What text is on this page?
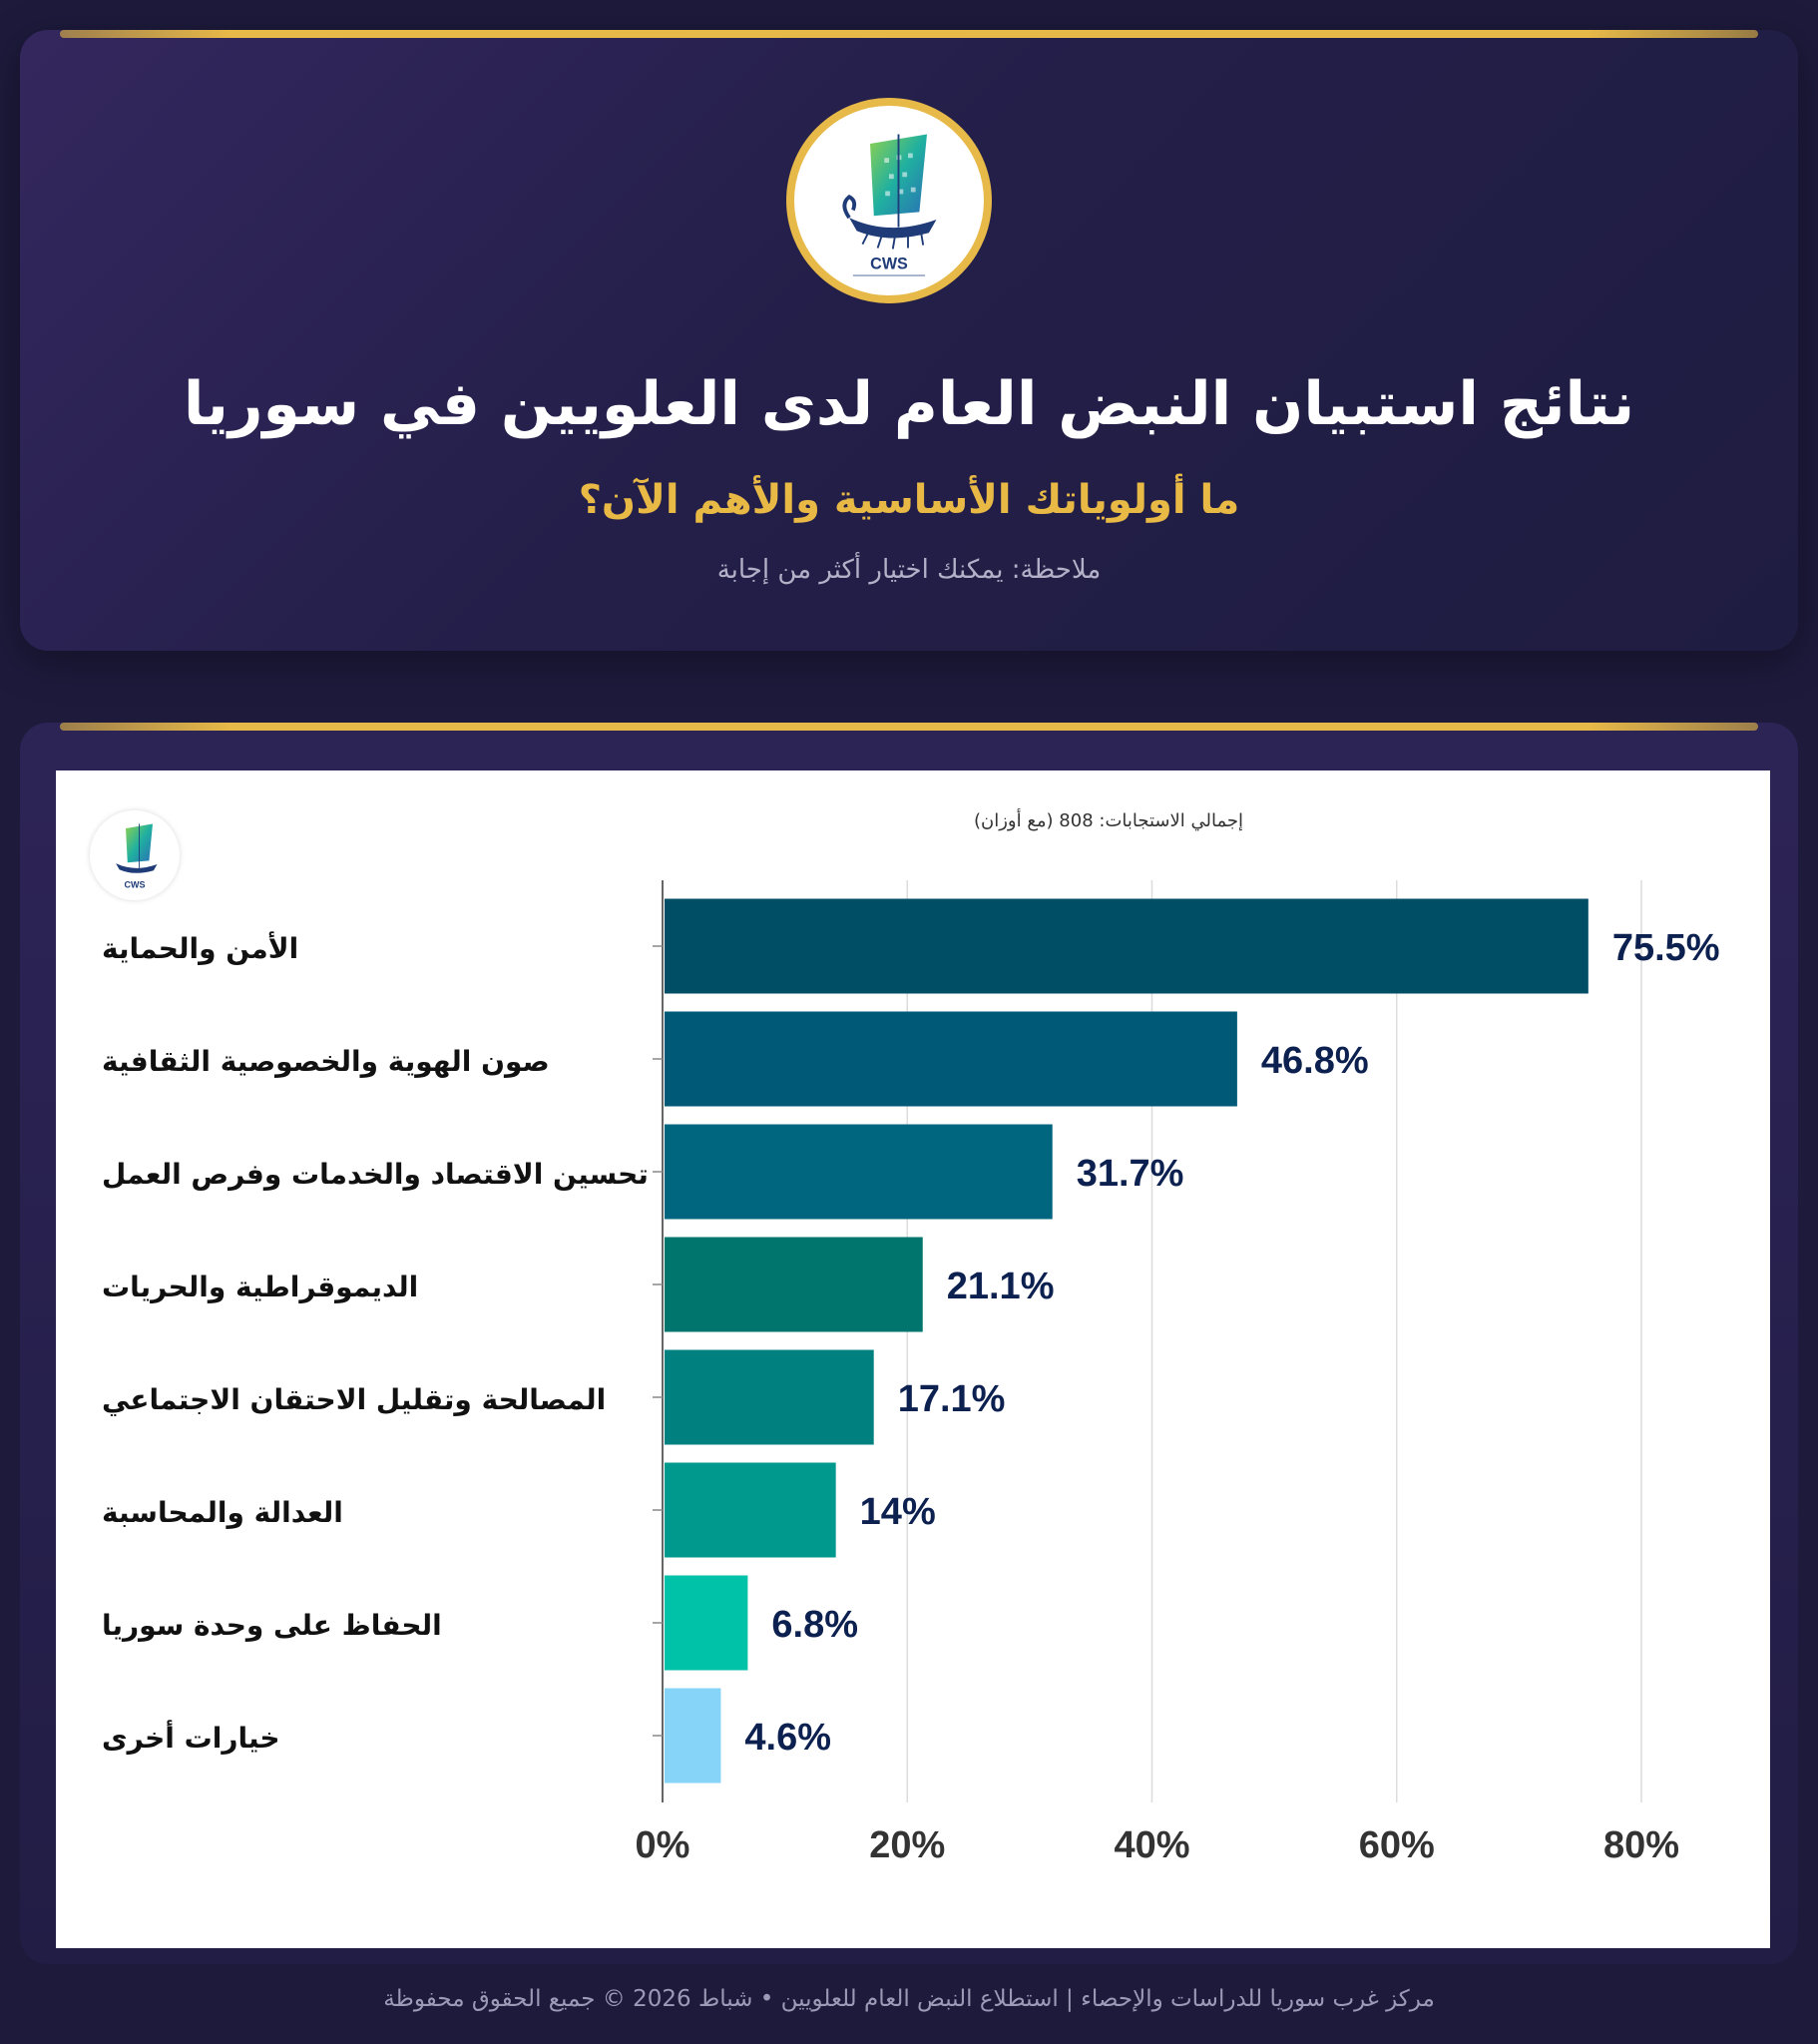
CWS
نتائج استبيان النبض العام لدى العلويين في سوريا
ما أولوياتك الأساسية والأهم الآن؟
ملاحظة: يمكنك اختيار أكثر من إجابة
CWS
إجمالي الاستجابات: 808 (مع أوزان)
0%	20%	40%	60%	80%
75.5%
الأمن والحماية
46.8%
صون الهوية والخصوصية الثقافية
31.7%
تحسين الاقتصاد والخدمات وفرص العمل
21.1%
الديموقراطية والحريات
17.1%
المصالحة وتقليل الاحتقان الاجتماعي
14%
العدالة والمحاسبة
6.8%
الحفاظ على وحدة سوريا
4.6%
خيارات أخرى
مركز غرب سوريا للدراسات والإحصاء | استطلاع النبض العام للعلويين • شباط 2026 © جميع الحقوق محفوظة
